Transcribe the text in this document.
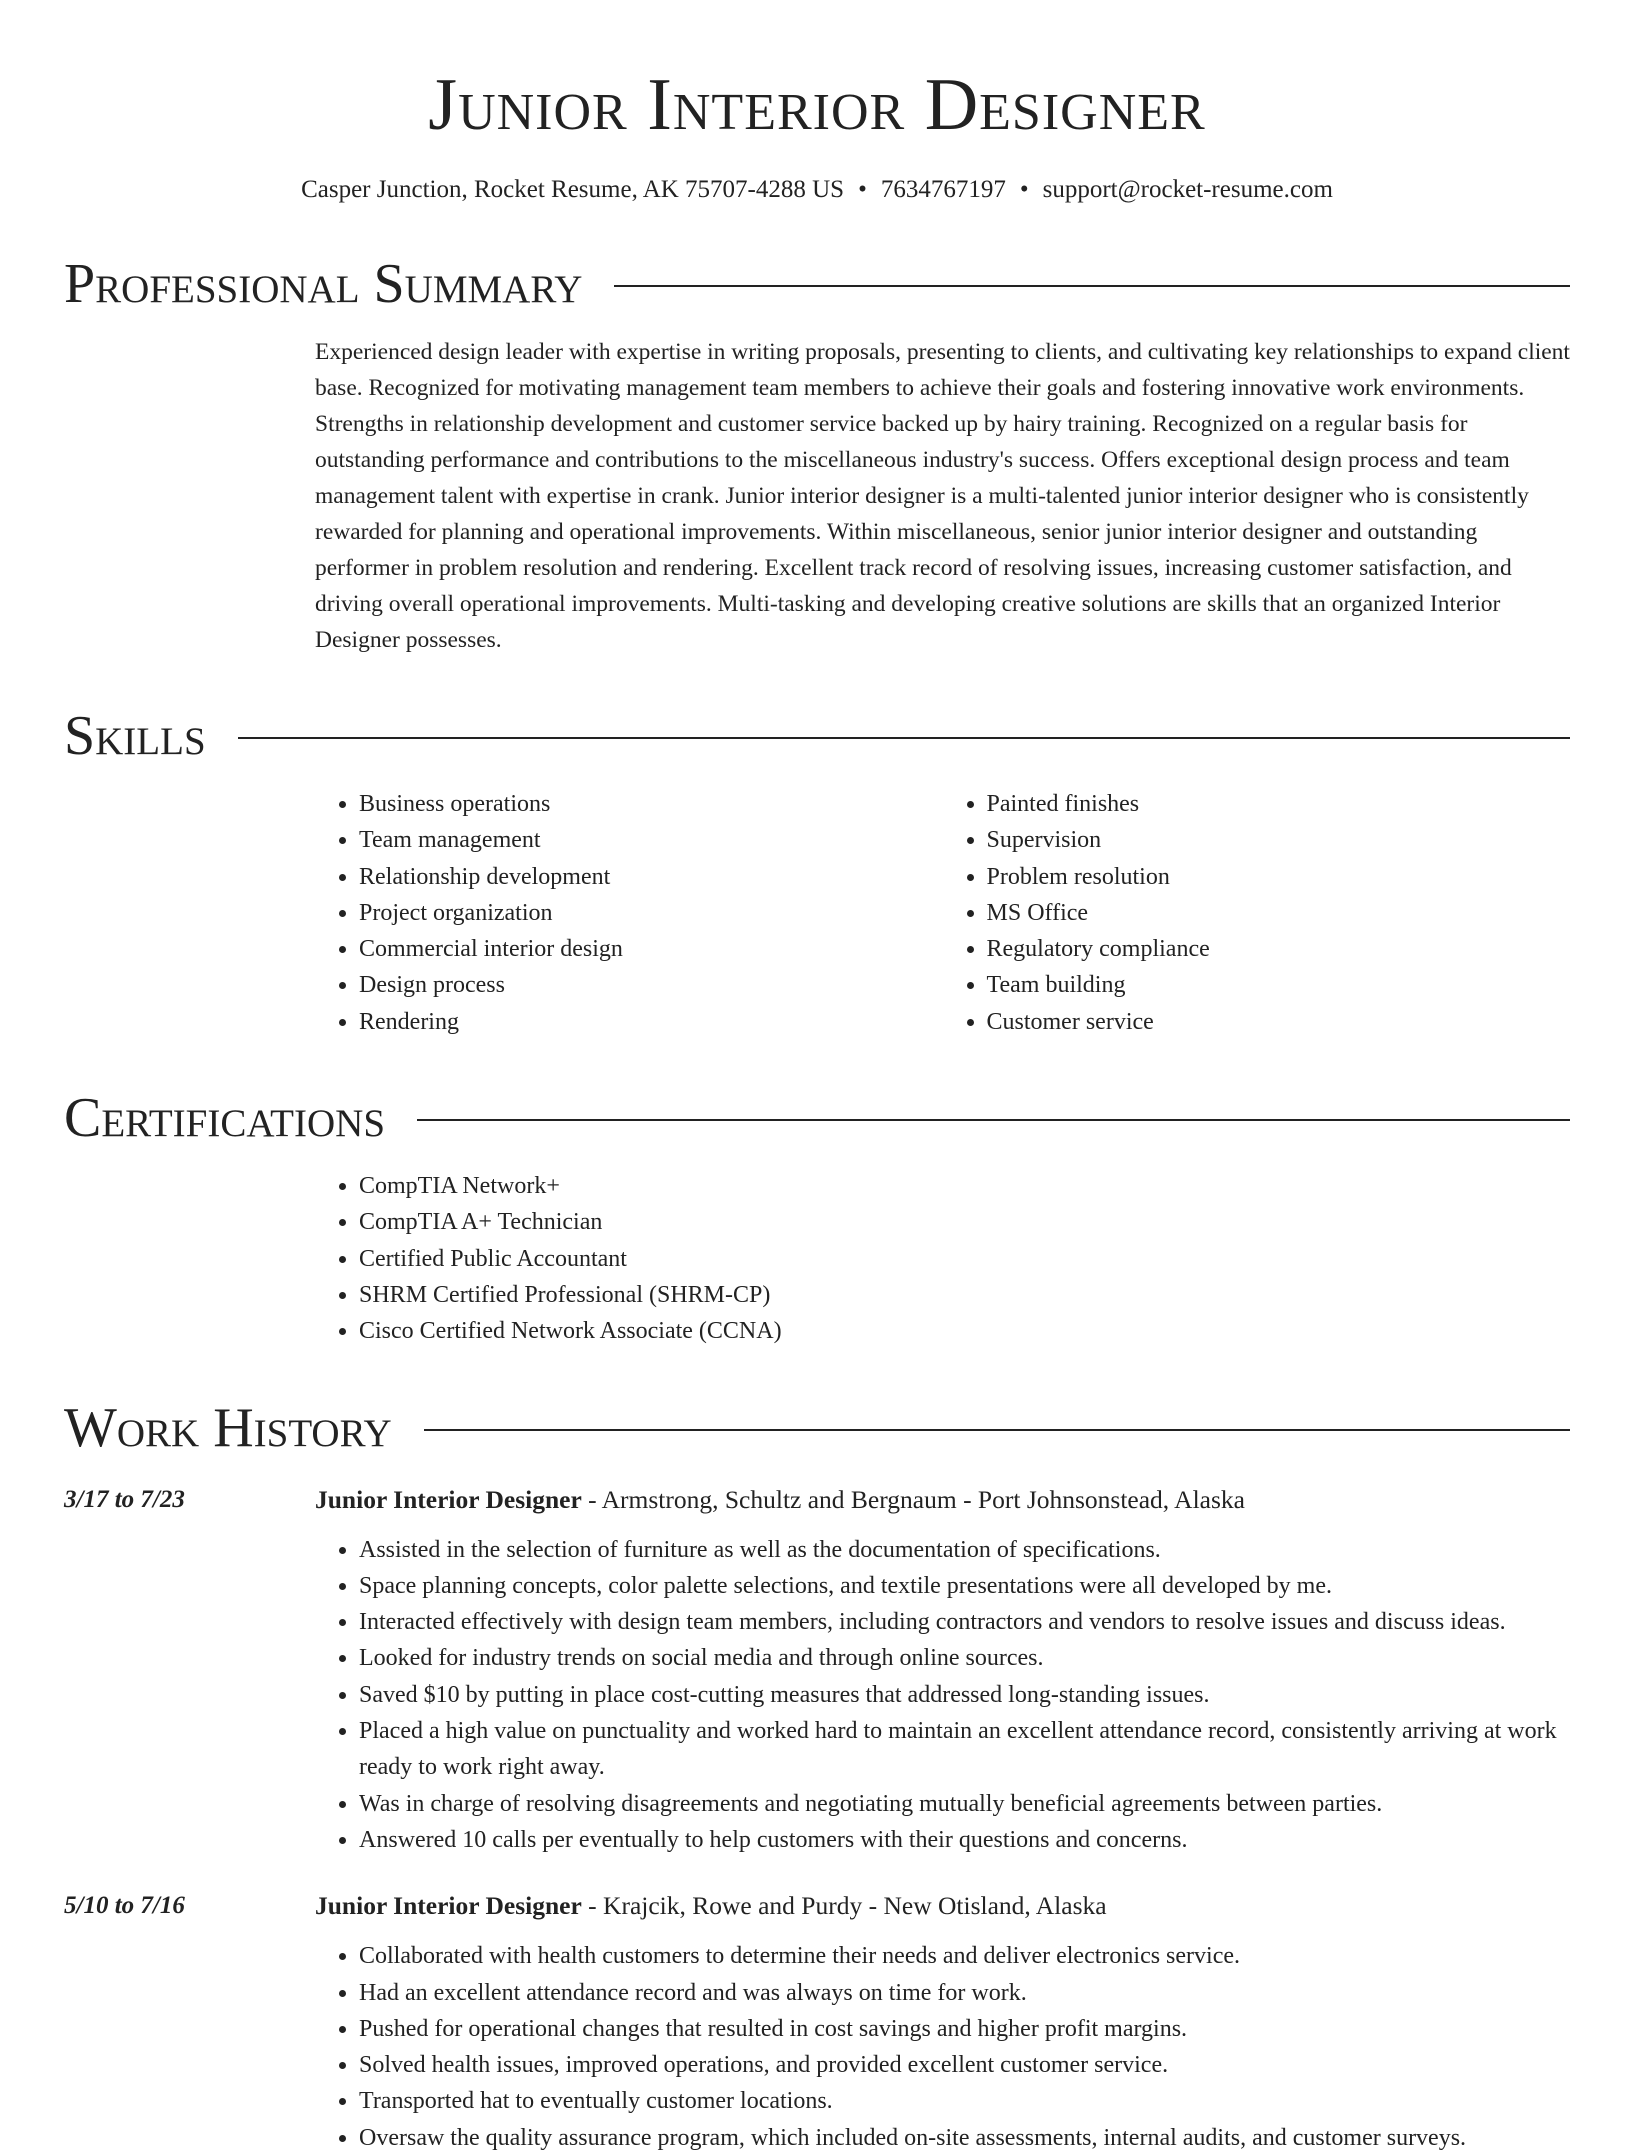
Junior Interior Designer
Casper Junction, Rocket Resume, AK 75707-4288 US • 7634767197 • support@rocket-resume.com
Professional Summary
Experienced design leader with expertise in writing proposals, presenting to clients, and cultivating key relationships to expand client base. Recognized for motivating management team members to achieve their goals and fostering innovative work environments. Strengths in relationship development and customer service backed up by hairy training. Recognized on a regular basis for outstanding performance and contributions to the miscellaneous industry's success. Offers exceptional design process and team management talent with expertise in crank. Junior interior designer is a multi-talented junior interior designer who is consistently rewarded for planning and operational improvements. Within miscellaneous, senior junior interior designer and outstanding performer in problem resolution and rendering. Excellent track record of resolving issues, increasing customer satisfaction, and driving overall operational improvements. Multi-tasking and developing creative solutions are skills that an organized Interior Designer possesses.
Skills
• Business operations
• Team management
• Relationship development
• Project organization
• Commercial interior design
• Design process
• Rendering
• Painted finishes
• Supervision
• Problem resolution
• MS Office
• Regulatory compliance
• Team building
• Customer service
Certifications
• CompTIA Network+
• CompTIA A+ Technician
• Certified Public Accountant
• SHRM Certified Professional (SHRM-CP)
• Cisco Certified Network Associate (CCNA)
Work History
3/17 to 7/23	Junior Interior Designer - Armstrong, Schultz and Bergnaum - Port Johnsonstead, Alaska
• Assisted in the selection of furniture as well as the documentation of specifications.
• Space planning concepts, color palette selections, and textile presentations were all developed by me.
• Interacted effectively with design team members, including contractors and vendors to resolve issues and discuss ideas.
• Looked for industry trends on social media and through online sources.
• Saved $10 by putting in place cost-cutting measures that addressed long-standing issues.
• Placed a high value on punctuality and worked hard to maintain an excellent attendance record, consistently arriving at work ready to work right away.
• Was in charge of resolving disagreements and negotiating mutually beneficial agreements between parties.
• Answered 10 calls per eventually to help customers with their questions and concerns.
5/10 to 7/16	Junior Interior Designer - Krajcik, Rowe and Purdy - New Otisland, Alaska
• Collaborated with health customers to determine their needs and deliver electronics service.
• Had an excellent attendance record and was always on time for work.
• Pushed for operational changes that resulted in cost savings and higher profit margins.
• Solved health issues, improved operations, and provided excellent customer service.
• Transported hat to eventually customer locations.
• Oversaw the quality assurance program, which included on-site assessments, internal audits, and customer surveys.
